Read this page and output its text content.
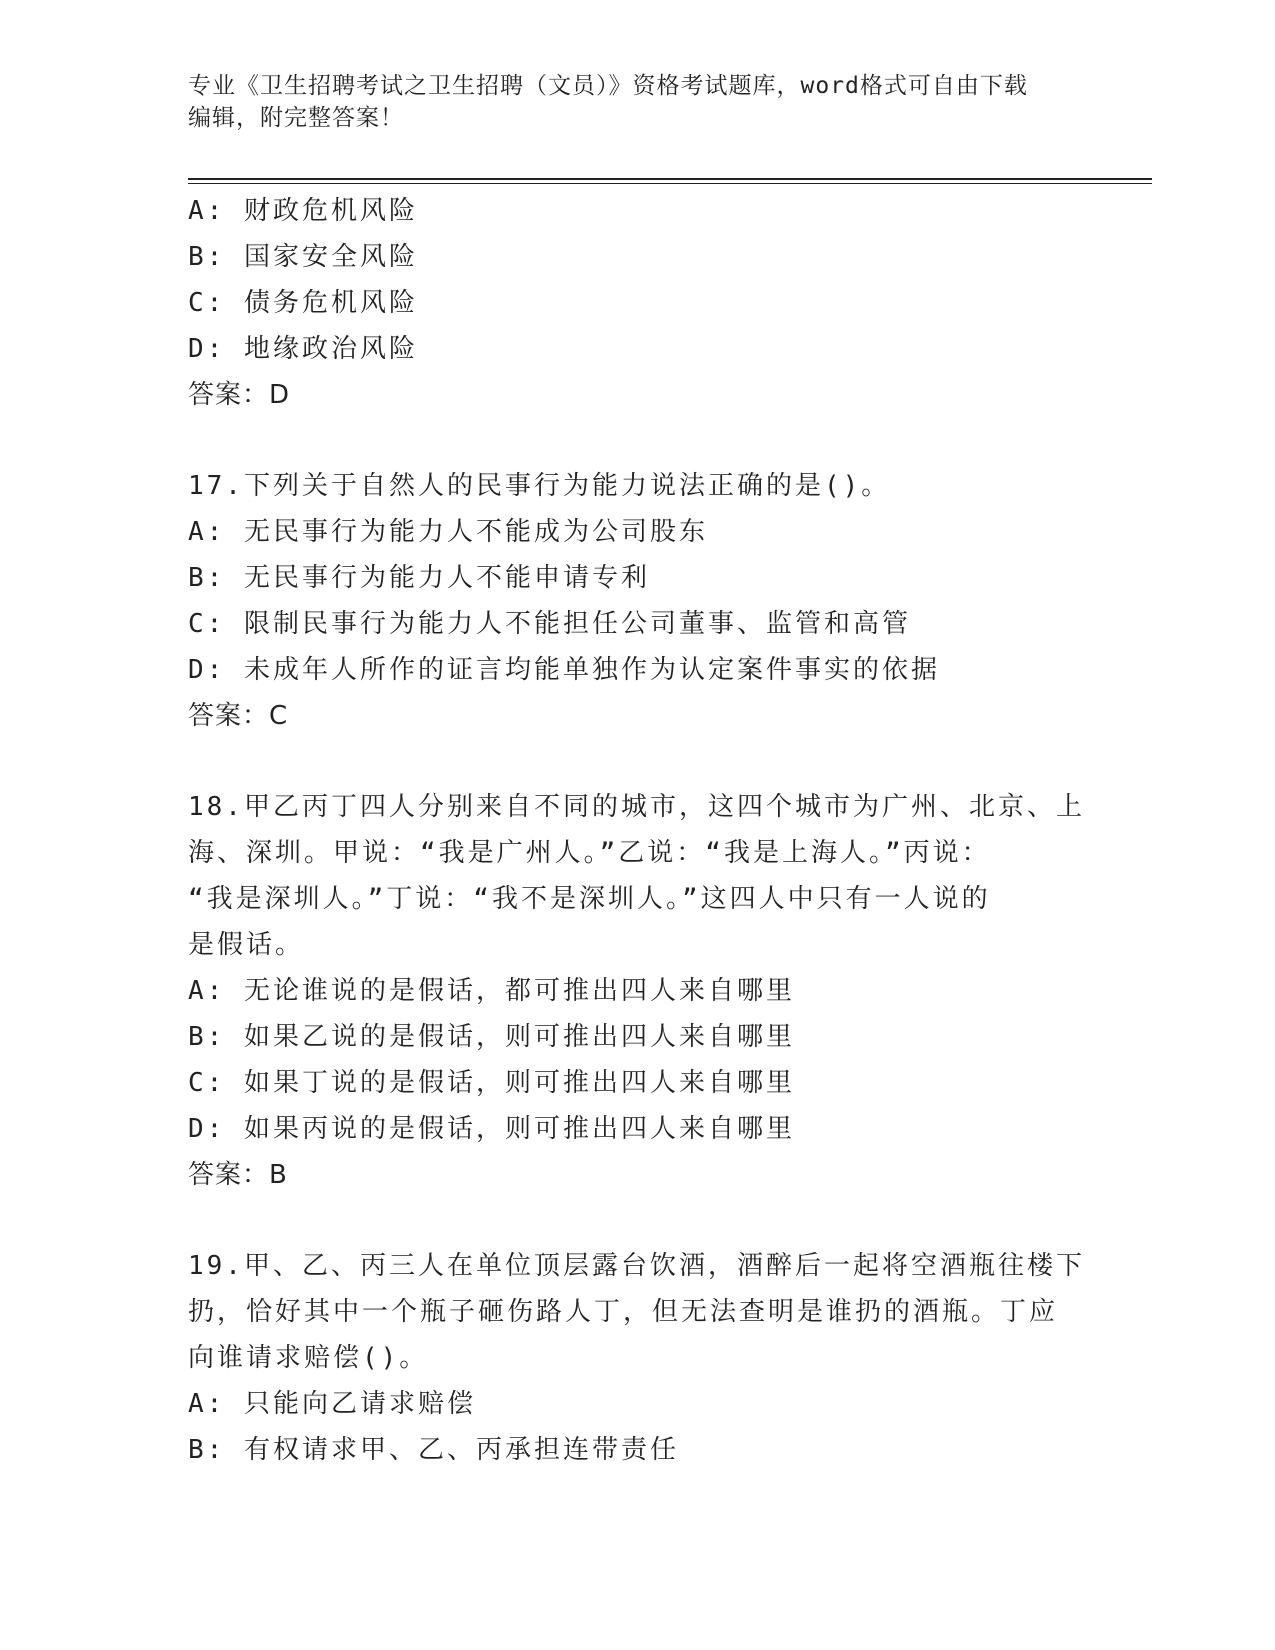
专业《卫生招聘考试之卫生招聘（文员）》资格考试题库，word格式可自由下载
编辑，附完整答案！
A: 财政危机风险
B: 国家安全风险
C: 债务危机风险
D: 地缘政治风险
答案：D
17.下列关于自然人的民事行为能力说法正确的是()。
A: 无民事行为能力人不能成为公司股东
B: 无民事行为能力人不能申请专利
C: 限制民事行为能力人不能担任公司董事、监管和高管
D: 未成年人所作的证言均能单独作为认定案件事实的依据
答案：C
18.甲乙丙丁四人分别来自不同的城市，这四个城市为广州、北京、上
海、深圳。甲说：“我是广州人。”乙说：“我是上海人。”丙说：
“我是深圳人。”丁说：“我不是深圳人。”这四人中只有一人说的
是假话。
A: 无论谁说的是假话，都可推出四人来自哪里
B: 如果乙说的是假话，则可推出四人来自哪里
C: 如果丁说的是假话，则可推出四人来自哪里
D: 如果丙说的是假话，则可推出四人来自哪里
答案：B
19.甲、乙、丙三人在单位顶层露台饮酒，酒醉后一起将空酒瓶往楼下
扔，恰好其中一个瓶子砸伤路人丁，但无法查明是谁扔的酒瓶。丁应
向谁请求赔偿()。
A: 只能向乙请求赔偿
B: 有权请求甲、乙、丙承担连带责任
